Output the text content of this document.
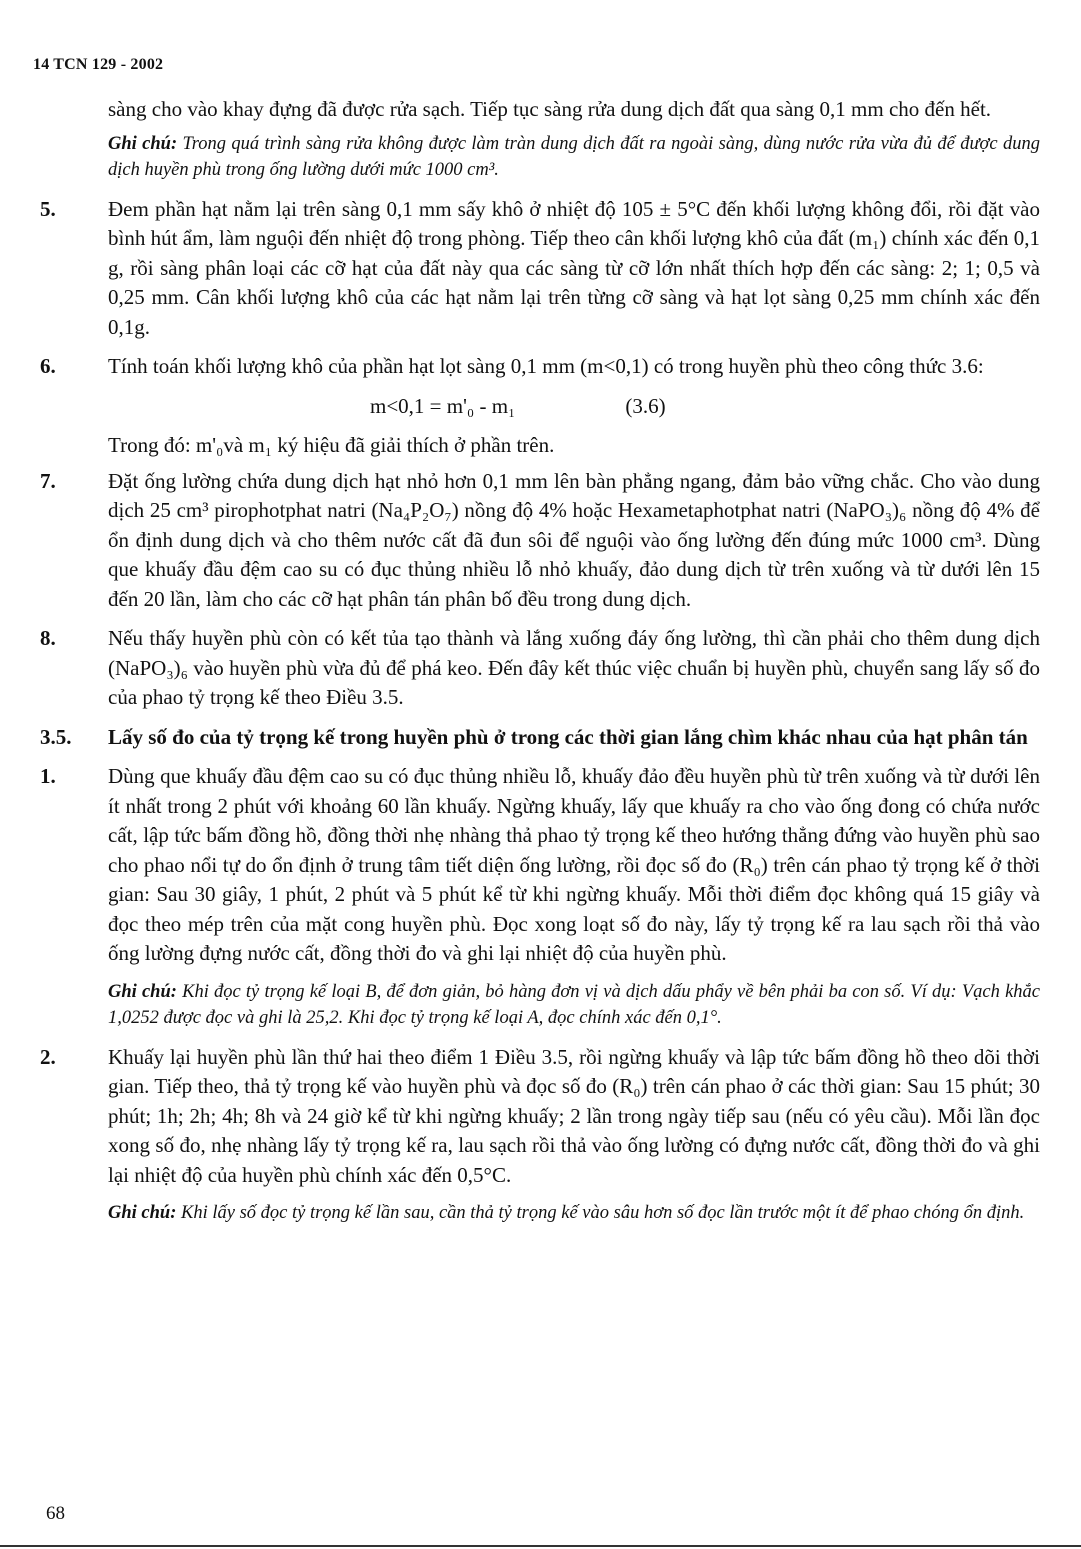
14 TCN 129 - 2002

sàng cho vào khay đựng đã được rửa sạch. Tiếp tục sàng rửa dung dịch đất qua sàng 0,1 mm cho đến hết.

Ghi chú: Trong quá trình sàng rửa không được làm tràn dung dịch đất ra ngoài sàng, dùng nước rửa vừa đủ để được dung dịch huyền phù trong ống lường dưới mức 1000 cm³.

5.	Đem phần hạt nằm lại trên sàng 0,1 mm sấy khô ở nhiệt độ 105 ± 5°C đến khối lượng không đổi, rồi đặt vào bình hút ẩm, làm nguội đến nhiệt độ trong phòng. Tiếp theo cân khối lượng khô của đất (m₁) chính xác đến 0,1 g, rồi sàng phân loại các cỡ hạt của đất này qua các sàng từ cỡ lớn nhất thích hợp đến các sàng: 2; 1; 0,5 và 0,25 mm. Cân khối lượng khô của các hạt nằm lại trên từng cỡ sàng và hạt lọt sàng 0,25 mm chính xác đến 0,1g.
6.	Tính toán khối lượng khô của phần hạt lọt sàng 0,1 mm (m<0,1) có trong huyền phù theo công thức 3.6:
m<0,1 = m'₀ - m₁	(3.6)

Trong đó: m'₀và m₁ ký hiệu đã giải thích ở phần trên.

7.	Đặt ống lường chứa dung dịch hạt nhỏ hơn 0,1 mm lên bàn phẳng ngang, đảm bảo vững chắc. Cho vào dung dịch 25 cm³ pirophotphat natri (Na₄P₂O₇) nồng độ 4% hoặc Hexametaphotphat natri (NaPO₃)₆ nồng độ 4% để ổn định dung dịch và cho thêm nước cất đã đun sôi để nguội vào ống lường đến đúng mức 1000 cm³. Dùng que khuấy đầu đệm cao su có đục thủng nhiều lỗ nhỏ khuấy, đảo dung dịch từ trên xuống và từ dưới lên 15 đến 20 lần, làm cho các cỡ hạt phân tán phân bố đều trong dung dịch.
8.	Nếu thấy huyền phù còn có kết tủa tạo thành và lắng xuống đáy ống lường, thì cần phải cho thêm dung dịch (NaPO₃)₆ vào huyền phù vừa đủ để phá keo. Đến đây kết thúc việc chuẩn bị huyền phù, chuyển sang lấy số đo của phao tỷ trọng kế theo Điều 3.5.
3.5.	Lấy số đo của tỷ trọng kế trong huyền phù ở trong các thời gian lắng chìm khác nhau của hạt phân tán
1.	Dùng que khuấy đầu đệm cao su có đục thủng nhiều lỗ, khuấy đảo đều huyền phù từ trên xuống và từ dưới lên ít nhất trong 2 phút với khoảng 60 lần khuấy. Ngừng khuấy, lấy que khuấy ra cho vào ống đong có chứa nước cất, lập tức bấm đồng hồ, đồng thời nhẹ nhàng thả phao tỷ trọng kế theo hướng thẳng đứng vào huyền phù sao cho phao nổi tự do ổn định ở trung tâm tiết diện ống lường, rồi đọc số đo (R₀) trên cán phao tỷ trọng kế ở thời gian: Sau 30 giây, 1 phút, 2 phút và 5 phút kể từ khi ngừng khuấy. Mỗi thời điểm đọc không quá 15 giây và đọc theo mép trên của mặt cong huyền phù. Đọc xong loạt số đo này, lấy tỷ trọng kế ra lau sạch rồi thả vào ống lường đựng nước cất, đồng thời đo và ghi lại nhiệt độ của huyền phù.

Ghi chú: Khi đọc tỷ trọng kế loại B, để đơn giản, bỏ hàng đơn vị và dịch dấu phẩy về bên phải ba con số. Ví dụ: Vạch khắc 1,0252 được đọc và ghi là 25,2. Khi đọc tỷ trọng kế loại A, đọc chính xác đến 0,1°.

2.	Khuấy lại huyền phù lần thứ hai theo điểm 1 Điều 3.5, rồi ngừng khuấy và lập tức bấm đồng hồ theo dõi thời gian. Tiếp theo, thả tỷ trọng kế vào huyền phù và đọc số đo (R₀) trên cán phao ở các thời gian: Sau 15 phút; 30 phút; 1h; 2h; 4h; 8h và 24 giờ kể từ khi ngừng khuấy; 2 lần trong ngày tiếp sau (nếu có yêu cầu). Mỗi lần đọc xong số đo, nhẹ nhàng lấy tỷ trọng kế ra, lau sạch rồi thả vào ống lường có đựng nước cất, đồng thời đo và ghi lại nhiệt độ của huyền phù chính xác đến 0,5°C.

Ghi chú: Khi lấy số đọc tỷ trọng kế lần sau, cần thả tỷ trọng kế vào sâu hơn số đọc lần trước một ít để phao chóng ổn định.

68
